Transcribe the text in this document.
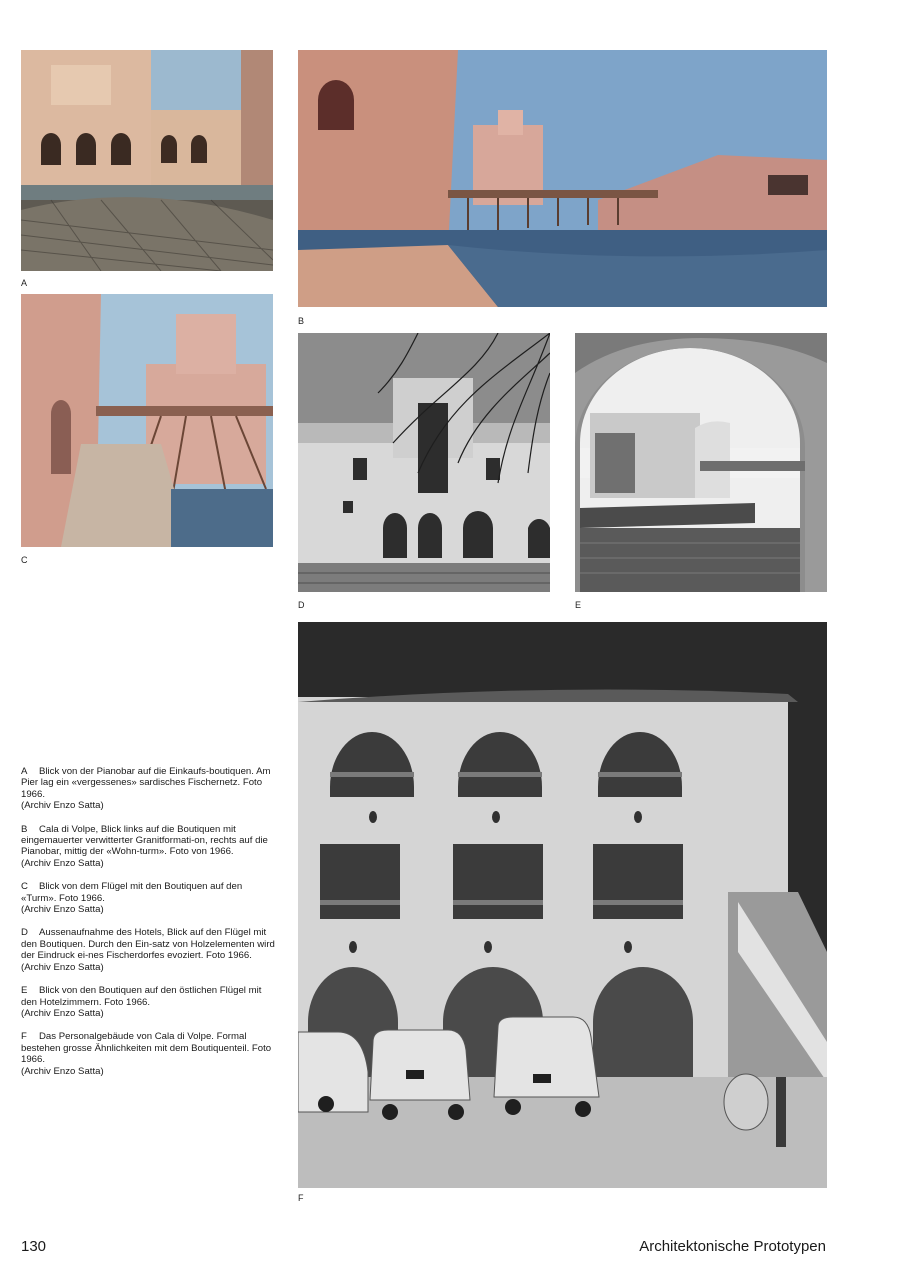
A
B
C
D	E
F
A Blick von der Pianobar auf die Einkaufs-boutiquen. Am Pier lag ein «vergessenes» sardisches Fischernetz. Foto 1966.
(Archiv Enzo Satta)
B Cala di Volpe, Blick links auf die Boutiquen mit eingemauerter verwitterter Granitformati-on, rechts auf die Pianobar, mittig der «Wohn-turm». Foto von 1966.
(Archiv Enzo Satta)
C Blick von dem Flügel mit den Boutiquen auf den «Turm». Foto 1966.
(Archiv Enzo Satta)
D Aussenaufnahme des Hotels, Blick auf den Flügel mit den Boutiquen. Durch den Ein-satz von Holzelementen wird der Eindruck ei-nes Fischerdorfes evoziert. Foto 1966.
(Archiv Enzo Satta)
E Blick von den Boutiquen auf den östlichen Flügel mit den Hotelzimmern. Foto 1966.
(Archiv Enzo Satta)
F Das Personalgebäude von Cala di Volpe. Formal bestehen grosse Ähnlichkeiten mit dem Boutiquenteil. Foto 1966.
(Archiv Enzo Satta)
130	Architektonische Prototypen
